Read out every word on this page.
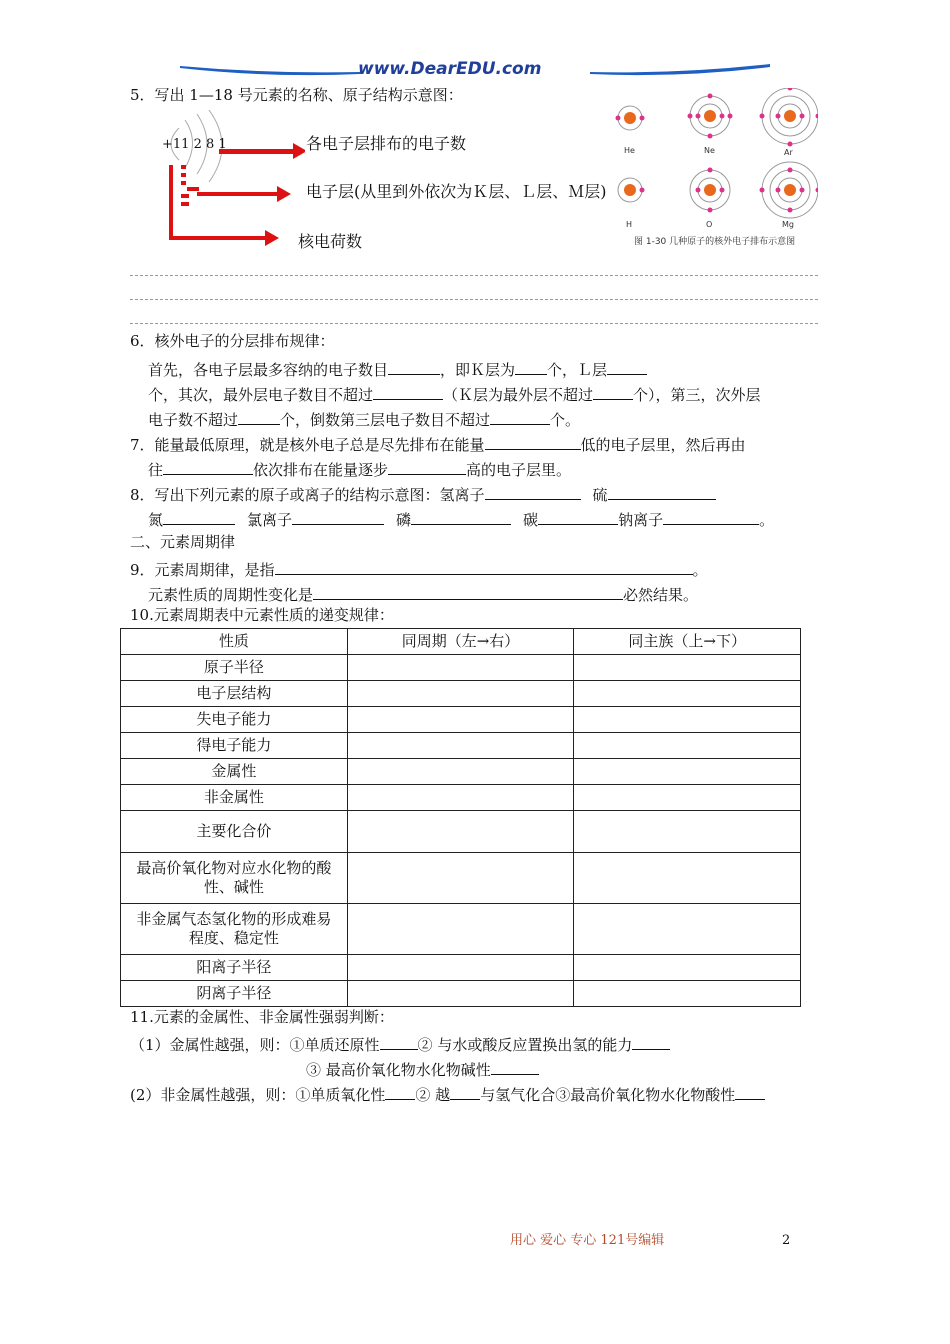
www.DearEDU.com
5．写出 1—18 号元素的名称、原子结构示意图：
+11 2 8 1	各电子层排布的电子数
电子层(从里到外依次为Ｋ层、Ｌ层、Ｍ层)
核电荷数
He	Ne	Ar
H	O	Mg
图 1-30 几种原子的核外电子排布示意图
6．核外电子的分层排布规律：
首先，各电子层最多容纳的电子数目	，即Ｋ层为 个，Ｌ层
个，其次，最外层电子数目不超过	（Ｋ层为最外层不超过	个），第三，次外层
电子数不超过	个，倒数第三层电子数目不超过	个。
7．能量最低原理，就是核外电子总是尽先排布在能量	低的电子层里，然后再由
往	依次排布在能量逐步	高的电子层里。
8．写出下列元素的原子或离子的结构示意图：氢离子	硫
氮	氯离子	磷	碳	钠离子	。
二、元素周期律
9．元素周期律，是指	。
元素性质的周期性变化是	必然结果。
10.元素周期表中元素性质的递变规律：
性质	同周期（左→右）	同主族（上→下）
原子半径		
电子层结构		
失电子能力		
得电子能力		
金属性		
非金属性		
主要化合价		
最高价氧化物对应水化物的酸性、碱性		
非金属气态氢化物的形成难易程度、稳定性		
阳离子半径		
阴离子半径		
11.元素的金属性、非金属性强弱判断：
（1）金属性越强，则：①单质还原性	② 与水或酸反应置换出氢的能力
③ 最高价氧化物水化物碱性
(2）非金属性越强，则：①单质氧化性 ② 越 与氢气化合③最高价氧化物水化物酸性
用心 爱心 专心 121号编辑	2
